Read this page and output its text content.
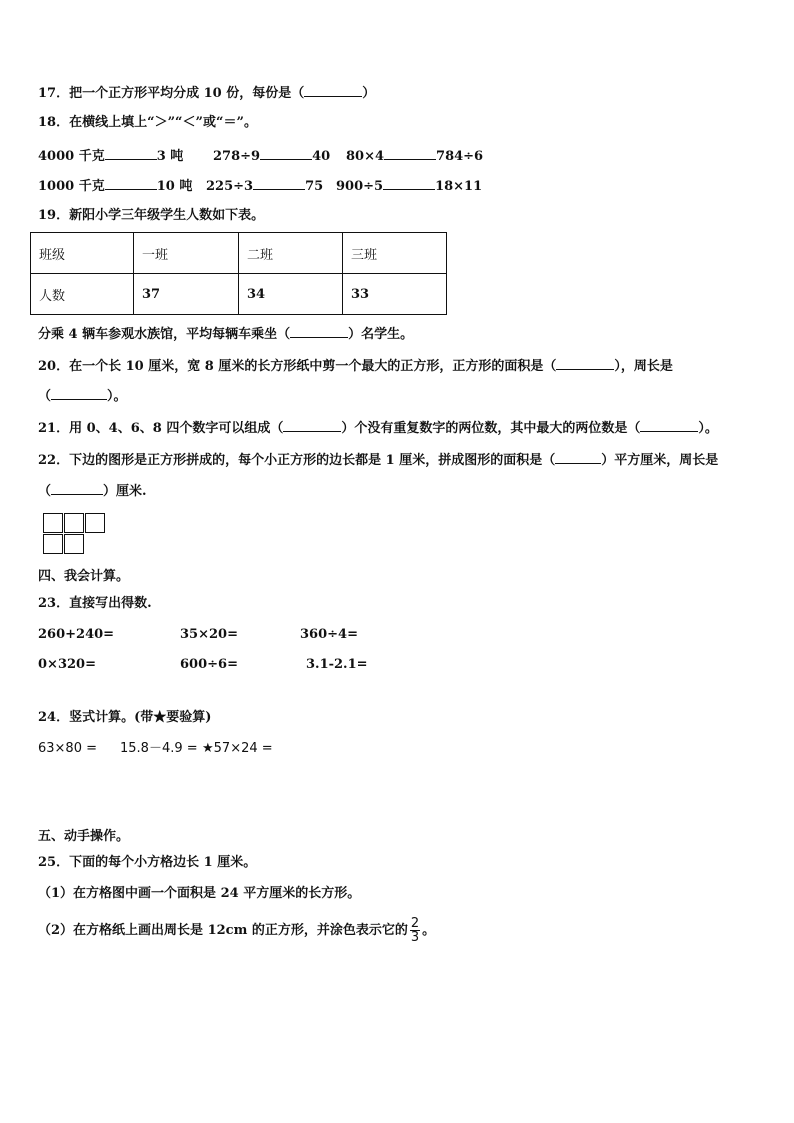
17．把一个正方形平均分成 10 份，每份是（	）
18．在横线上填上“＞”“＜”或“＝”。
4000 千克	3 吨 278÷9	40 80×4	784÷6
1000 千克	10 吨 225÷3	75 900÷5	18×11
19．新阳小学三年级学生人数如下表。
班级	一班	二班	三班
人数	37	34	33
分乘 4 辆车参观水族馆，平均每辆车乘坐（	）名学生。
20．在一个长 10 厘米，宽 8 厘米的长方形纸中剪一个最大的正方形，正方形的面积是（	），周长是
（	）。
21．用 0、4、6、8 四个数字可以组成（	）个没有重复数字的两位数，其中最大的两位数是（	）。
22．下边的图形是正方形拼成的，每个小正方形的边长都是 1 厘米，拼成图形的面积是（	）平方厘米，周长是
（	）厘米.
四、我会计算。
23．直接写出得数.
260+240=	35×20=	360÷4=
0×320=	600÷6=	3.1-2.1=
24．竖式计算。(带★要验算)
63×80 = 15.8－4.9 = ★57×24 =
五、动手操作。
25．下面的每个小方格边长 1 厘米。
（1）在方格图中画一个面积是 24 平方厘米的长方形。
（2）在方格纸上画出周长是 12cm 的正方形，并涂色表示它的 $\frac{2}{3}$ 。
